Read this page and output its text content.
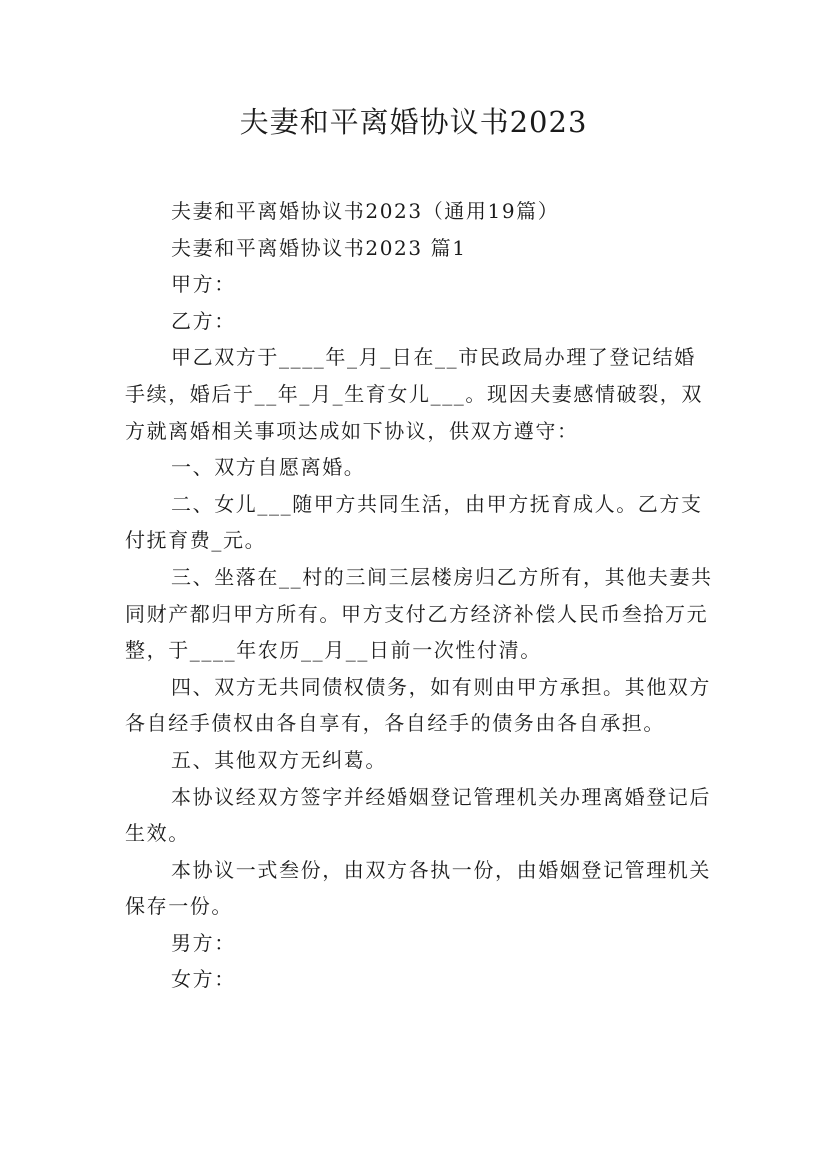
夫妻和平离婚协议书2023

夫妻和平离婚协议书2023（通用19篇）

夫妻和平离婚协议书2023 篇1

甲方：

乙方：

甲乙双方于____年_月_日在__市民政局办理了登记结婚手续，婚后于__年_月_生育女儿___。现因夫妻感情破裂，双方就离婚相关事项达成如下协议，供双方遵守：

一、双方自愿离婚。

二、女儿___随甲方共同生活，由甲方抚育成人。乙方支付抚育费_元。

三、坐落在__村的三间三层楼房归乙方所有，其他夫妻共同财产都归甲方所有。甲方支付乙方经济补偿人民币叁拾万元整，于____年农历__月__日前一次性付清。

四、双方无共同债权债务，如有则由甲方承担。其他双方各自经手债权由各自享有，各自经手的债务由各自承担。

五、其他双方无纠葛。

本协议经双方签字并经婚姻登记管理机关办理离婚登记后生效。

本协议一式叁份，由双方各执一份，由婚姻登记管理机关保存一份。

男方：

女方：
